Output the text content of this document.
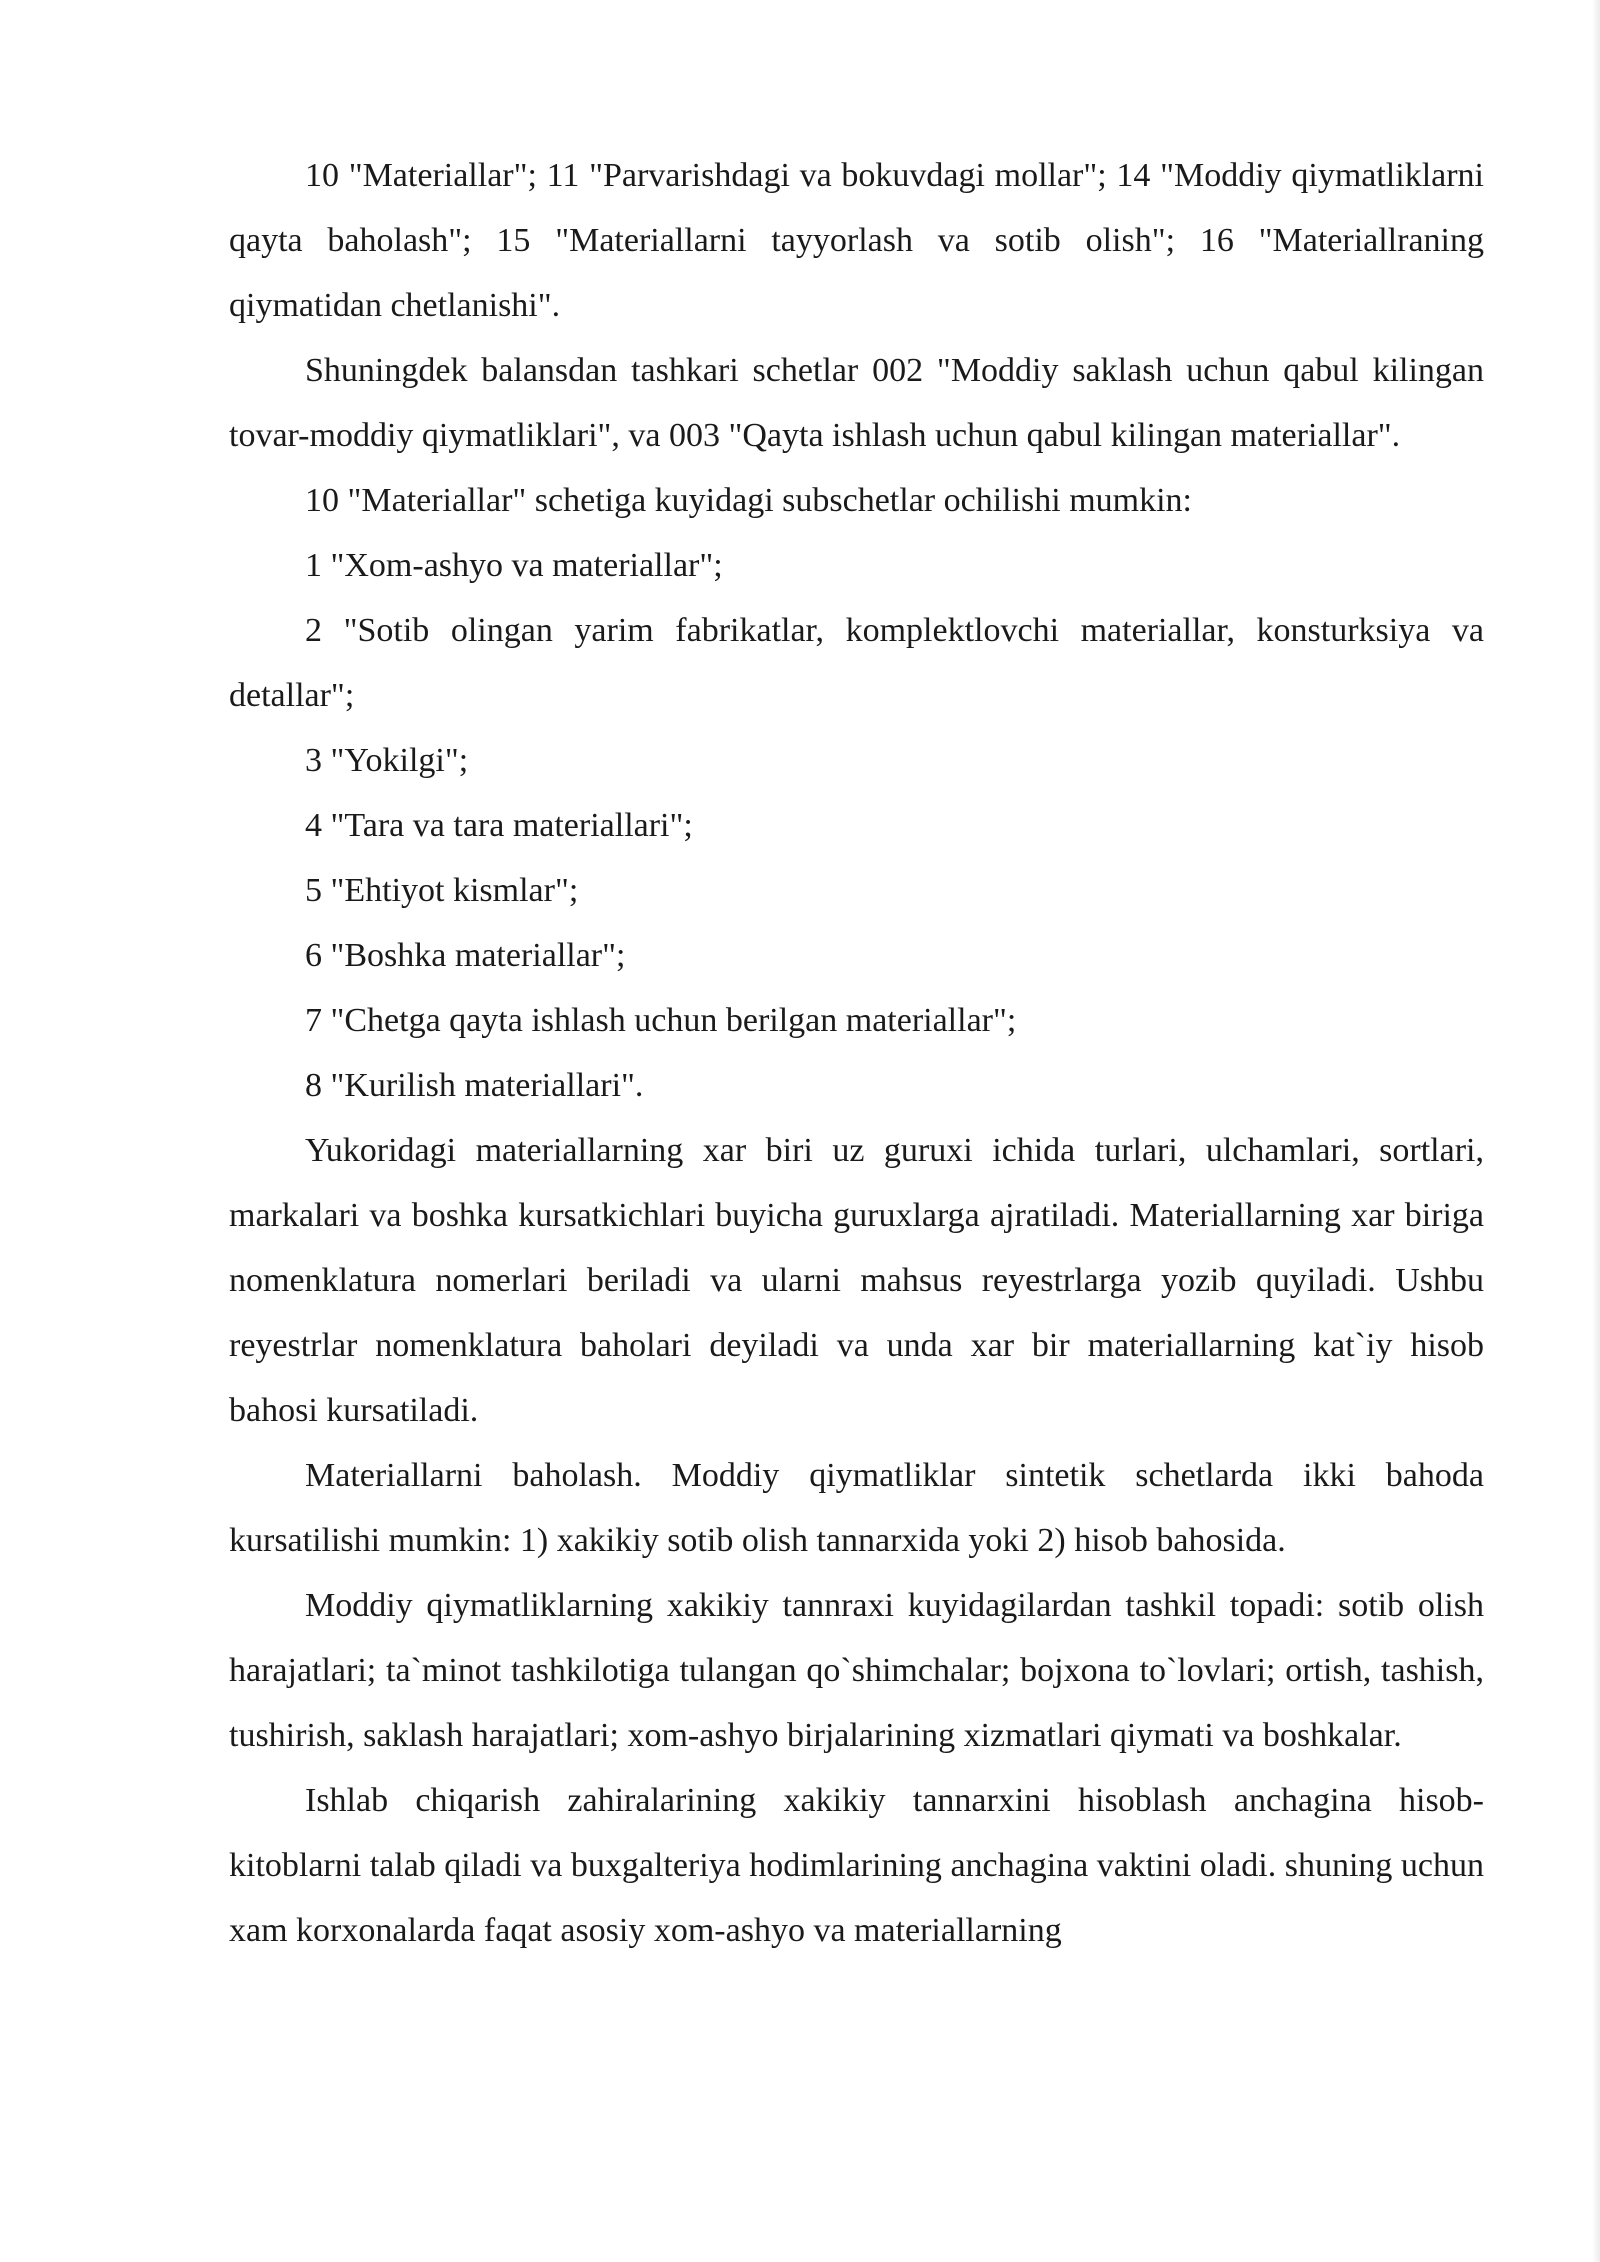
10 "Materiallar"; 11 "Parvarishdagi va bokuvdagi mollar"; 14 "Moddiy qiymatliklarni qayta baholash"; 15 "Materiallarni tayyorlash va sotib olish"; 16 "Materiallraning qiymatidan chetlanishi".

Shuningdek balansdan tashkari schetlar 002 "Moddiy saklash uchun qabul kilingan tovar-moddiy qiymatliklari", va 003 "Qayta ishlash uchun qabul kilingan materiallar".

10 "Materiallar" schetiga kuyidagi subschetlar ochilishi mumkin:

1 "Xom-ashyo va materiallar";

2 "Sotib olingan yarim fabrikatlar, komplektlovchi materiallar, konsturksiya va detallar";

3 "Yokilgi";

4 "Tara va tara materiallari";

5 "Ehtiyot kismlar";

6 "Boshka materiallar";

7 "Chetga qayta ishlash uchun berilgan materiallar";

8 "Kurilish materiallari".

Yukoridagi materiallarning xar biri uz guruxi ichida turlari, ulchamlari, sortlari, markalari va boshka kursatkichlari buyicha guruxlarga ajratiladi. Materiallarning xar biriga nomenklatura nomerlari beriladi va ularni mahsus reyestrlarga yozib quyiladi. Ushbu reyestrlar nomenklatura baholari deyiladi va unda xar bir materiallarning kat`iy hisob bahosi kursatiladi.

Materiallarni baholash. Moddiy qiymatliklar sintetik schetlarda ikki bahoda kursatilishi mumkin: 1) xakikiy sotib olish tannarxida yoki 2) hisob bahosida.

Moddiy qiymatliklarning xakikiy tannraxi kuyidagilardan tashkil topadi: sotib olish harajatlari; ta`minot tashkilotiga tulangan qo`shimchalar; bojxona to`lovlari; ortish, tashish, tushirish, saklash harajatlari; xom-ashyo birjalarining xizmatlari qiymati va boshkalar.

Ishlab chiqarish zahiralarining xakikiy tannarxini hisoblash anchagina hisob-kitoblarni talab qiladi va buxgalteriya hodimlarining anchagina vaktini oladi. shuning uchun xam korxonalarda faqat asosiy xom-ashyo va materiallarning
